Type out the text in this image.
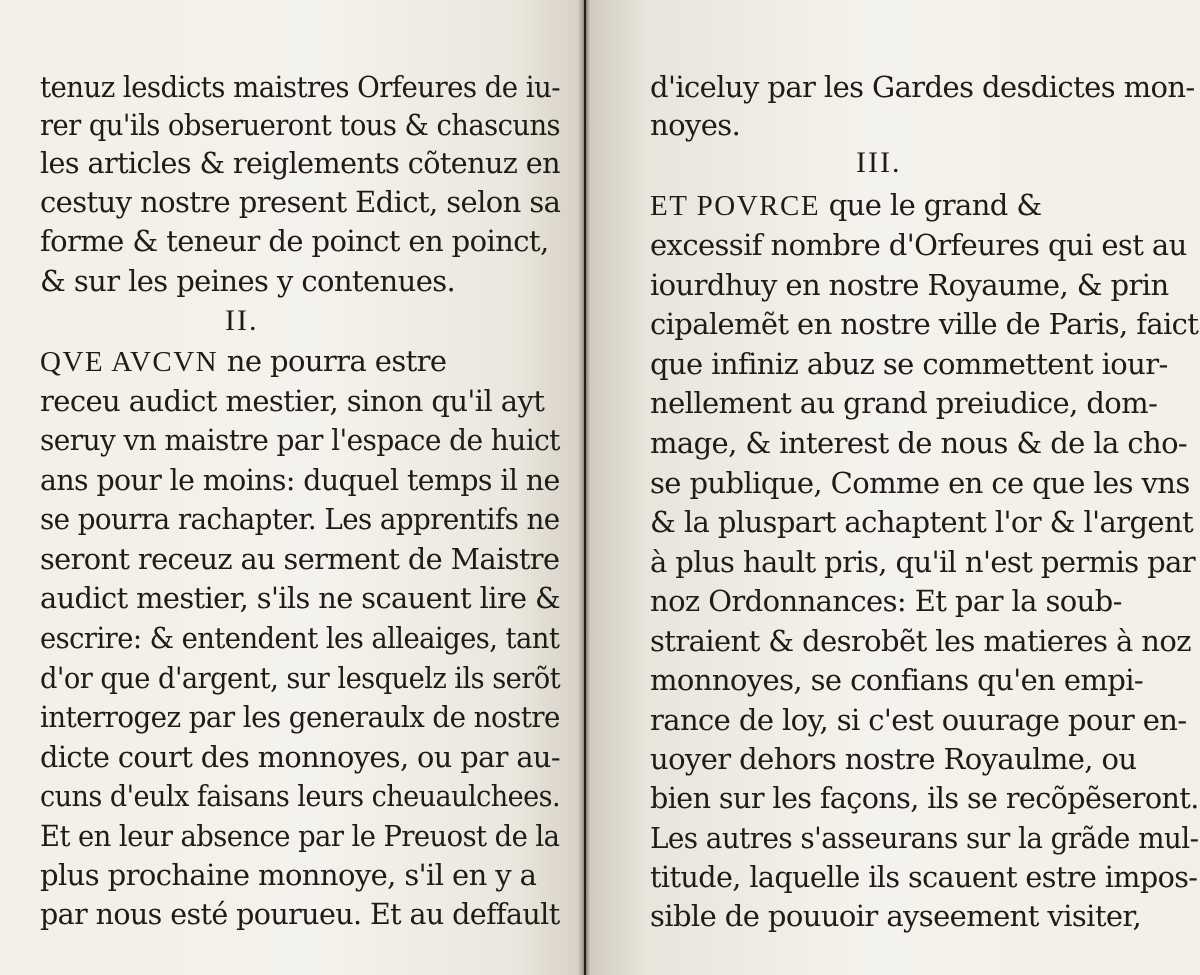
tenuz lesdicts maistres Orfeures de iu-
rer qu'ils obserueront tous & chascuns
les articles & reiglements cõtenuz en
cestuy nostre present Edict, selon sa
forme & teneur de poinct en poinct,
& sur les peines y contenues.
II.
QVE AVCVN ne pourra estre
receu audict mestier, sinon qu'il ayt
seruy vn maistre par l'espace de huict
ans pour le moins: duquel temps il ne
se pourra rachapter. Les apprentifs ne
seront receuz au serment de Maistre
audict mestier, s'ils ne scauent lire &
escrire: & entendent les alleaiges, tant
d'or que d'argent, sur lesquelz ils serõt
interrogez par les generaulx de nostre
dicte court des monnoyes, ou par au-
cuns d'eulx faisans leurs cheuaulchees.
Et en leur absence par le Preuost de la
plus prochaine monnoye, s'il en y a
par nous esté pourueu. Et au deffault
d'iceluy par les Gardes desdictes mon-
noyes.
III.
ET POVRCE que le grand &
excessif nombre d'Orfeures qui est au
iourdhuy en nostre Royaume, & prin
cipalemẽt en nostre ville de Paris, faict
que infiniz abuz se commettent iour-
nellement au grand preiudice, dom-
mage, & interest de nous & de la cho-
se publique, Comme en ce que les vns
& la pluspart achaptent l'or & l'argent
à plus hault pris, qu'il n'est permis par
noz Ordonnances: Et par la soub-
straient & desrobẽt les matieres à noz
monnoyes, se confians qu'en empi-
rance de loy, si c'est ouurage pour en-
uoyer dehors nostre Royaulme, ou
bien sur les façons, ils se recõpẽseront.
Les autres s'asseurans sur la grãde mul-
titude, laquelle ils scauent estre impos-
sible de pouuoir ayseement visiter,
